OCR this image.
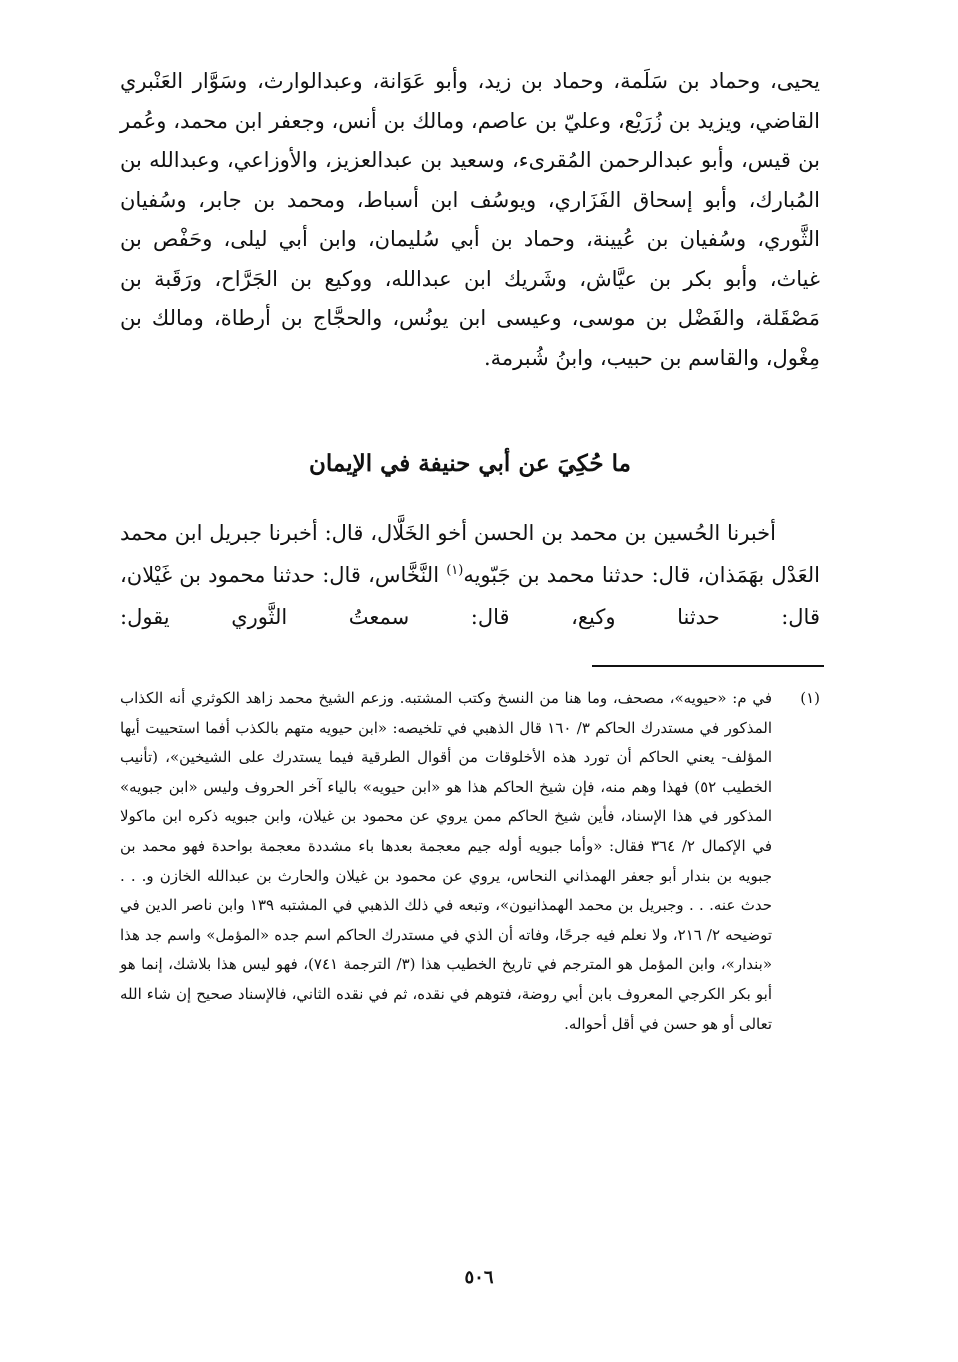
يحيى، وحماد بن سَلَمة، وحماد بن زيد، وأبو عَوَانة، وعبدالوارث، وسَوَّار العَنْبري القاضي، ويزيد بن زُرَيْع، وعليّ بن عاصم، ومالك بن أنس، وجعفر ابن محمد، وعُمر بن قيس، وأبو عبدالرحمن المُقرىء، وسعيد بن عبدالعزيز، والأوزاعي، وعبدالله بن المُبارك، وأبو إسحاق الفَزَاري، ويوسُف ابن أسباط، ومحمد بن جابر، وسُفيان الثَّوري، وسُفيان بن عُيينة، وحماد بن أبي سُليمان، وابن أبي ليلى، وحَفْص بن غياث، وأبو بكر بن عيَّاش، وشَريك ابن عبدالله، ووكيع بن الجَرَّاح، ورَقَبة بن مَصْقَلة، والفَضْل بن موسى، وعيسى ابن يونُس، والحجَّاج بن أرطاة، ومالك بن مِغْول، والقاسم بن حبيب، وابنُ شُبرمة.

ما حُكِيَ عن أبي حنيفة في الإيمان

أخبرنا الحُسين بن محمد بن الحسن أخو الخَلَّال، قال: أخبرنا جبريل ابن محمد العَدْل بهَمَذان، قال: حدثنا محمد بن جَبّويه$^{(١)}$ النَّخَّاس، قال: حدثنا محمود بن غَيْلان، قال: حدثنا وكيع، قال: سمعتُ الثَّوري يقول:

(١)

في م: «حيويه»، مصحف، وما هنا من النسخ وكتب المشتبه. وزعم الشيخ محمد زاهد الكوثري أنه الكذاب المذكور في مستدرك الحاكم ٣/ ١٦٠ قال الذهبي في تلخيصه: «ابن حيويه متهم بالكذب أفما استحييت أيها المؤلف- يعني الحاكم أن تورد هذه الأخلوقات من أقوال الطرقية فيما يستدرك على الشيخين»، (تأنيب الخطيب ٥٢) فهذا وهم منه، فإن شيخ الحاكم هذا هو «ابن حيويه» بالياء آخر الحروف وليس «ابن جبويه» المذكور في هذا الإسناد، فأين شيخ الحاكم ممن يروي عن محمود بن غيلان، وابن جبويه ذكره ابن ماكولا في الإكمال ٢/ ٣٦٤ فقال: «وأما جبويه أوله جيم معجمة بعدها باء مشددة معجمة بواحدة فهو محمد بن جبويه بن بندار أبو جعفر الهمذاني النحاس، يروي عن محمود بن غيلان والحارث بن عبدالله الخازن و. . . حدث عنه. . . وجبريل بن محمد الهمذانيون»، وتبعه في ذلك الذهبي في المشتبه ١٣٩ وابن ناصر الدين في توضيحه ٢/ ٢١٦، ولا نعلم فيه جرحًا، وفاته أن الذي في مستدرك الحاكم اسم جده «المؤمل» واسم جد هذا «بندار»، وابن المؤمل هو المترجم في تاريخ الخطيب هذا (٣/ الترجمة ٧٤١)، فهو ليس هذا بلاشك، إنما هو أبو بكر الكرجي المعروف بابن أبي روضة، فتوهم في نقده، ثم في نقده الثاني، فالإسناد صحيح إن شاء الله تعالى أو هو حسن في أقل أحواله.

٥٠٦
